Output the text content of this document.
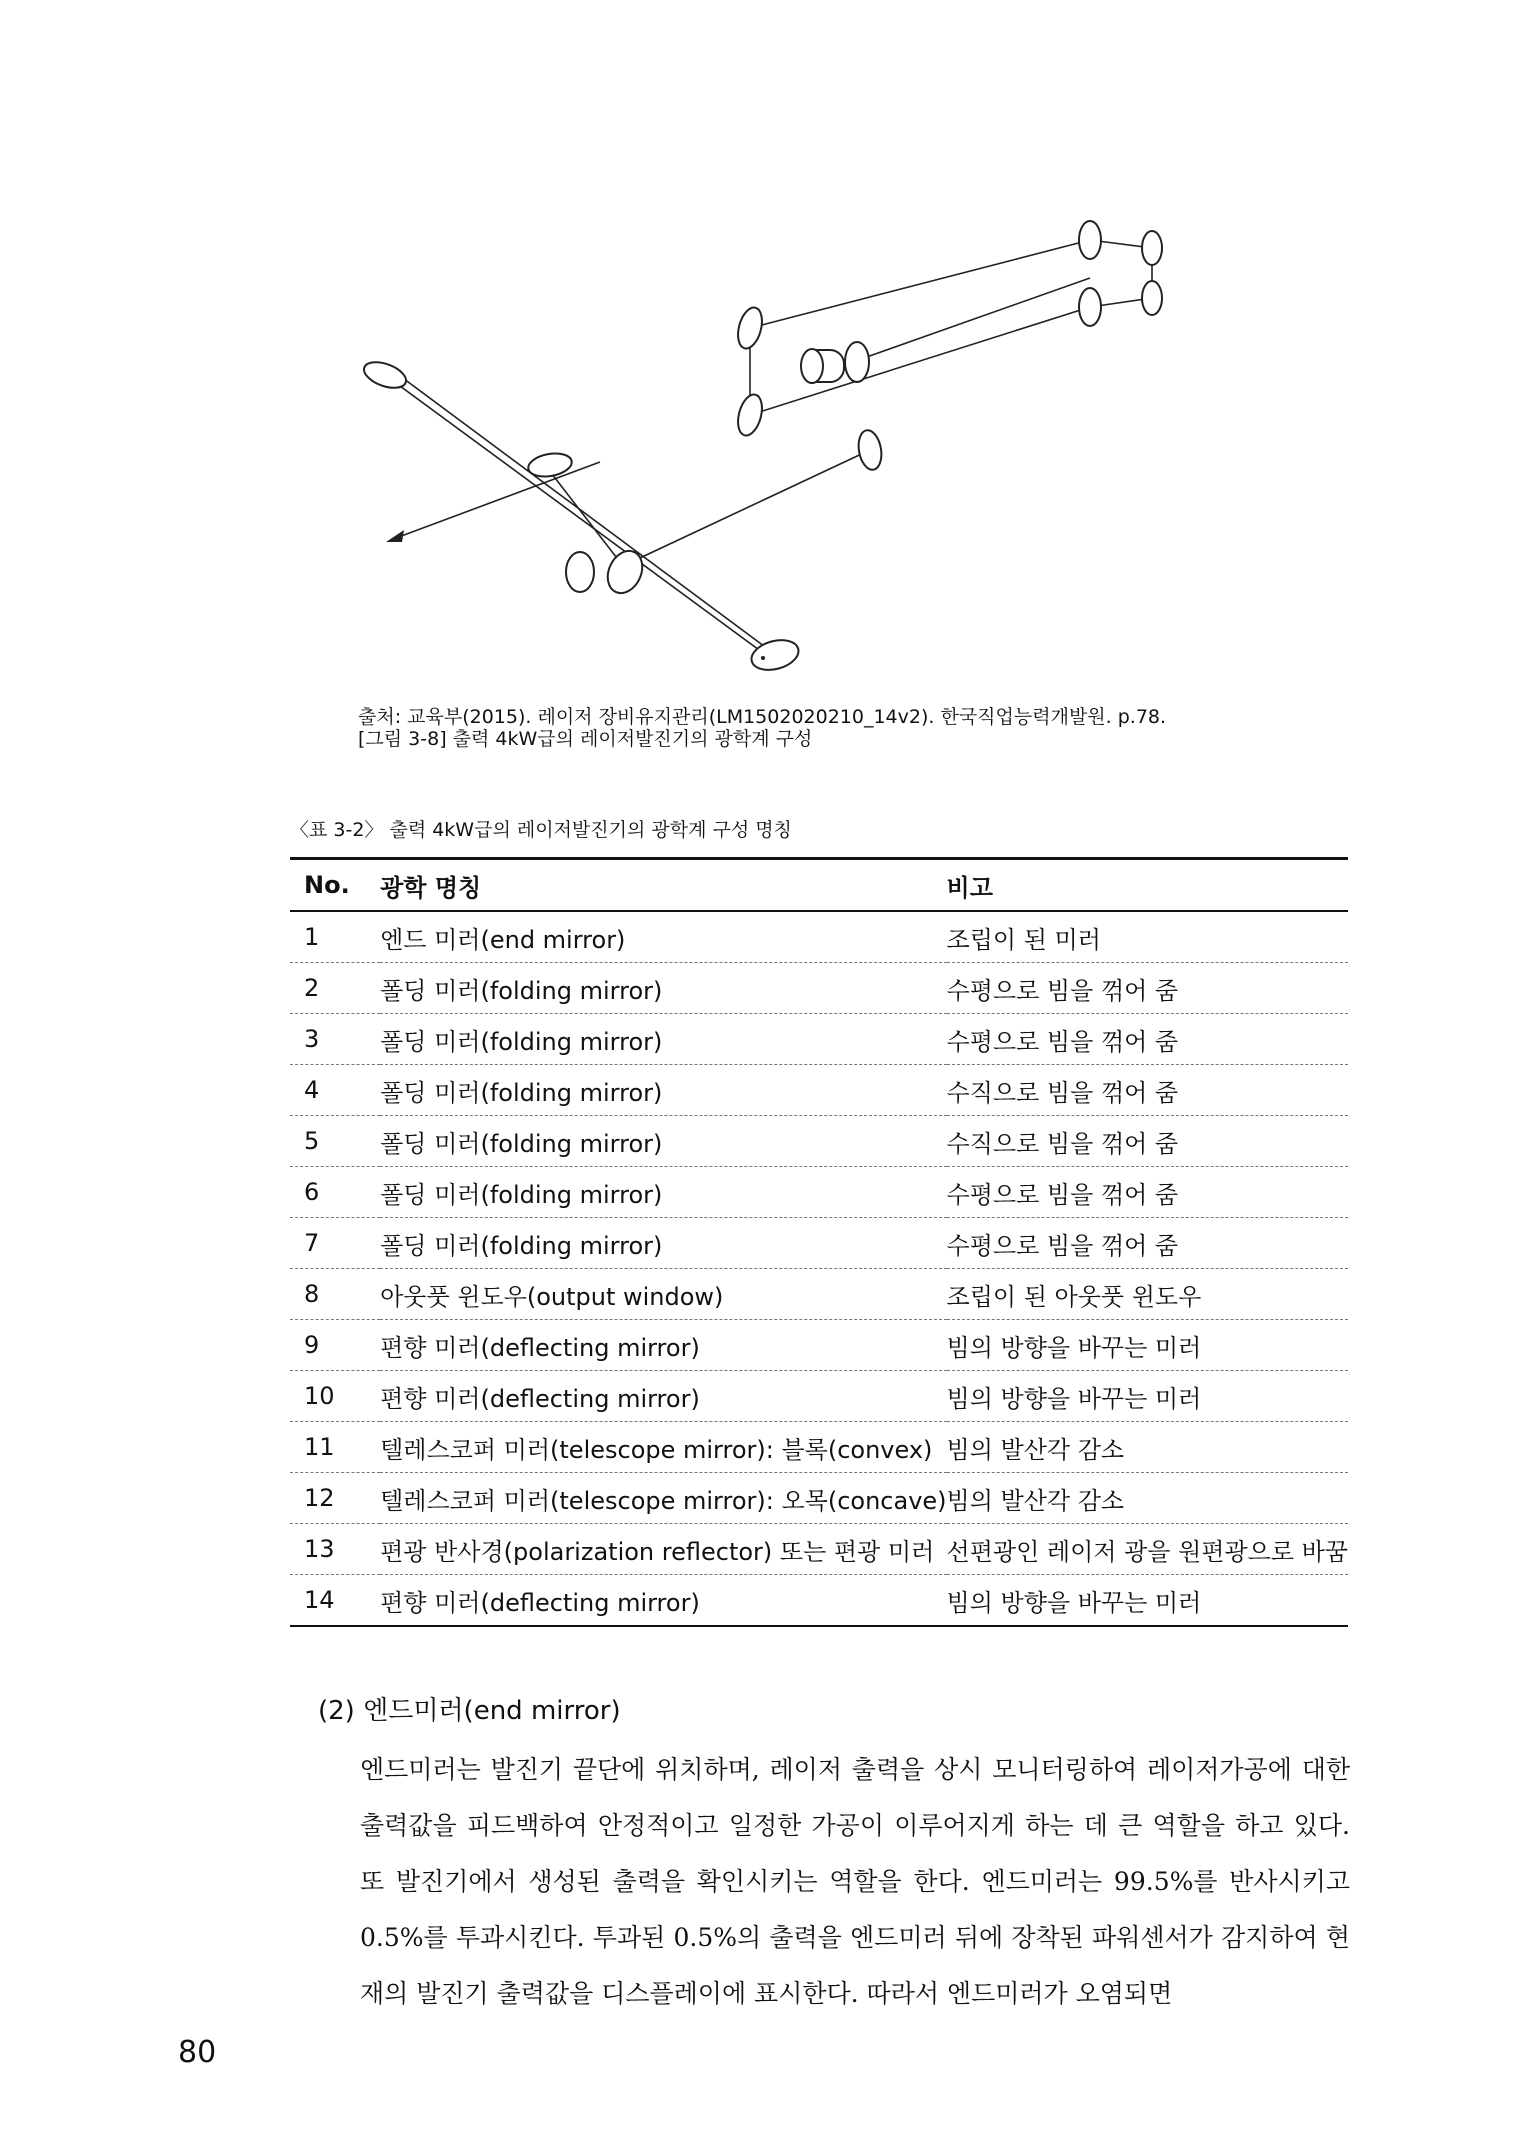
출처: 교육부(2015). 레이저 장비유지관리(LM1502020210_14v2). 한국직업능력개발원. p.78.
[그림 3-8] 출력 4kW급의 레이저발진기의 광학계 구성
〈표 3-2〉 출력 4kW급의 레이저발진기의 광학계 구성 명칭
No.	광학 명칭	비고
1	엔드 미러(end mirror)	조립이 된 미러
2	폴딩 미러(folding mirror)	수평으로 빔을 꺾어 줌
3	폴딩 미러(folding mirror)	수평으로 빔을 꺾어 줌
4	폴딩 미러(folding mirror)	수직으로 빔을 꺾어 줌
5	폴딩 미러(folding mirror)	수직으로 빔을 꺾어 줌
6	폴딩 미러(folding mirror)	수평으로 빔을 꺾어 줌
7	폴딩 미러(folding mirror)	수평으로 빔을 꺾어 줌
8	아웃풋 윈도우(output window)	조립이 된 아웃풋 윈도우
9	편향 미러(deflecting mirror)	빔의 방향을 바꾸는 미러
10	편향 미러(deflecting mirror)	빔의 방향을 바꾸는 미러
11	텔레스코퍼 미러(telescope mirror): 블록(convex)	빔의 발산각 감소
12	텔레스코퍼 미러(telescope mirror): 오목(concave)	빔의 발산각 감소
13	편광 반사경(polarization reflector) 또는 편광 미러	선편광인 레이저 광을 원편광으로 바꿈
14	편향 미러(deflecting mirror)	빔의 방향을 바꾸는 미러
(2) 엔드미러(end mirror)
엔드미러는 발진기 끝단에 위치하며, 레이저 출력을 상시 모니터링하여 레이저가공에 대한 출력값을 피드백하여 안정적이고 일정한 가공이 이루어지게 하는 데 큰 역할을 하고 있다. 또 발진기에서 생성된 출력을 확인시키는 역할을 한다. 엔드미러는 99.5%를 반사시키고 0.5%를 투과시킨다. 투과된 0.5%의 출력을 엔드미러 뒤에 장착된 파워센서가 감지하여 현재의 발진기 출력값을 디스플레이에 표시한다. 따라서 엔드미러가 오염되면
80
